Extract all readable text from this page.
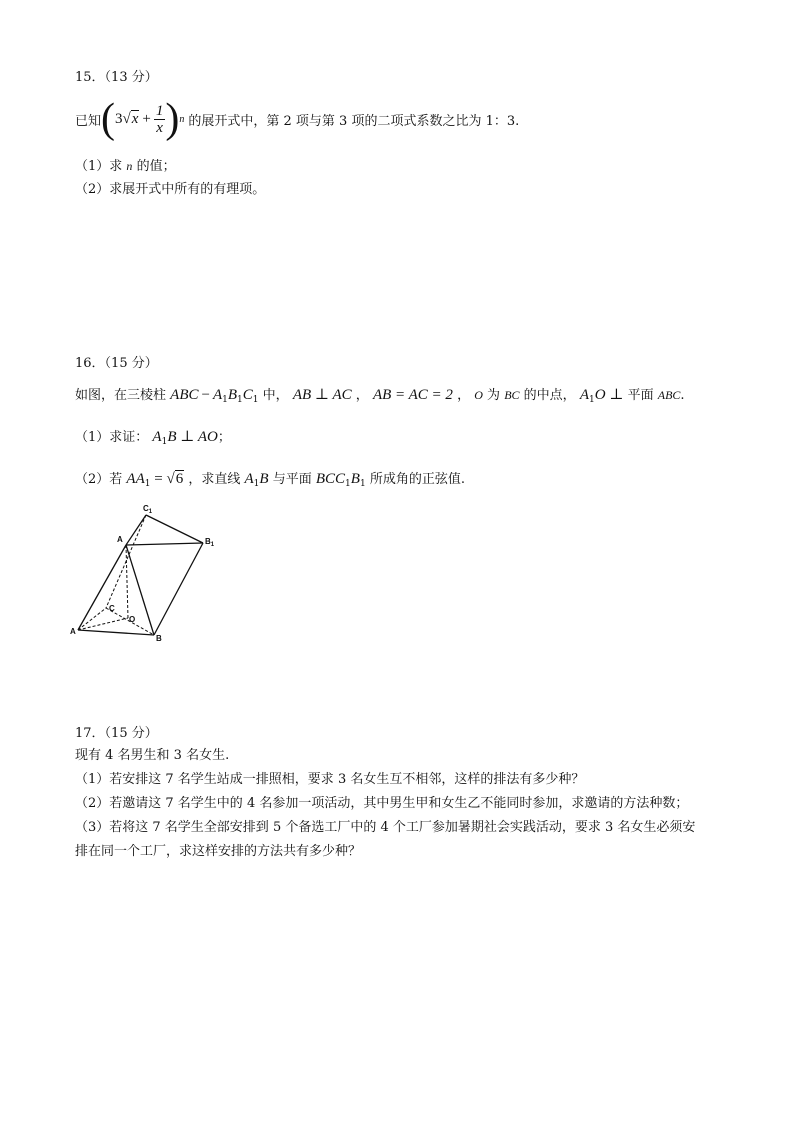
15．（13 分）
已知 ( 3 √ $x + \frac{1}{x}$ ) n 的展开式中，第 2 项与第 3 项的二项式系数之比为 1：3.
（1）求 n 的值；
（2）求展开式中所有的有理项。
16．（15 分）
如图，在三棱柱 ABC − $A_1B_1C_1$ 中， AB ⊥ AC ， AB = AC = 2 ， O 为 BC 的中点， $A_1O$ ⊥ 平面 ABC.
（1）求证： $A_1B$ ⊥ AO；
（2）若 $AA_1 = √6$ ，求直线 $A_1B$ 与平面 $BCC_1B_1$ 所成角的正弦值.
$C_1$
A	$B_1$
C
O
A
B
17．（15 分）
现有 4 名男生和 3 名女生.
（1）若安排这 7 名学生站成一排照相，要求 3 名女生互不相邻，这样的排法有多少种？
（2）若邀请这 7 名学生中的 4 名参加一项活动，其中男生甲和女生乙不能同时参加，求邀请的方法种数；
（3）若将这 7 名学生全部安排到 5 个备选工厂中的 4 个工厂参加暑期社会实践活动，要求 3 名女生必须安
排在同一个工厂，求这样安排的方法共有多少种？
